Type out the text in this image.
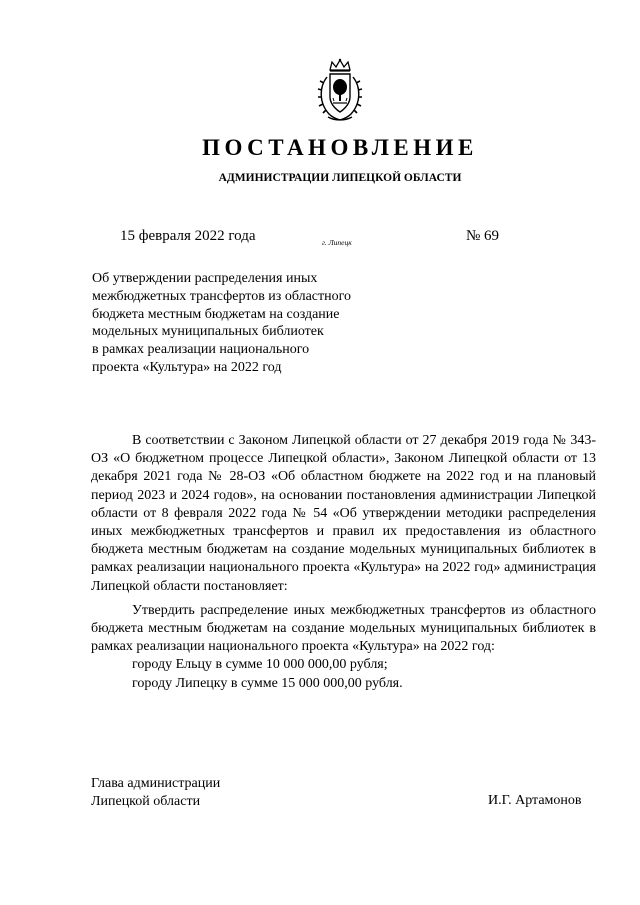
ПОСТАНОВЛЕНИЕ
АДМИНИСТРАЦИИ ЛИПЕЦКОЙ ОБЛАСТИ
15 февраля 2022 года	г. Липецк	№ 69
Об утверждении распределения иных
межбюджетных трансфертов из областного
бюджета местным бюджетам на создание
модельных муниципальных библиотек
в рамках реализации национального
проекта «Культура» на 2022 год

В соответствии с Законом Липецкой области от 27 декабря 2019 года № 343-ОЗ «О бюджетном процессе Липецкой области», Законом Липецкой области от 13 декабря 2021 года № 28-ОЗ «Об областном бюджете на 2022 год и на плановый период 2023 и 2024 годов», на основании постановления администрации Липецкой области от 8 февраля 2022 года № 54 «Об утверждении методики распределения иных межбюджетных трансфертов и правил их предоставления из областного бюджета местным бюджетам на создание модельных муниципальных библиотек в рамках реализации национального проекта «Культура» на 2022 год» администрация Липецкой области постановляет:

Утвердить распределение иных межбюджетных трансфертов из областного бюджета местным бюджетам на создание модельных муниципальных библиотек в рамках реализации национального проекта «Культура» на 2022 год:

городу Ельцу в сумме 10 000 000,00 рубля;
городу Липецку в сумме 15 000 000,00 рубля.
Глава администрации
Липецкой области	И.Г. Артамонов
